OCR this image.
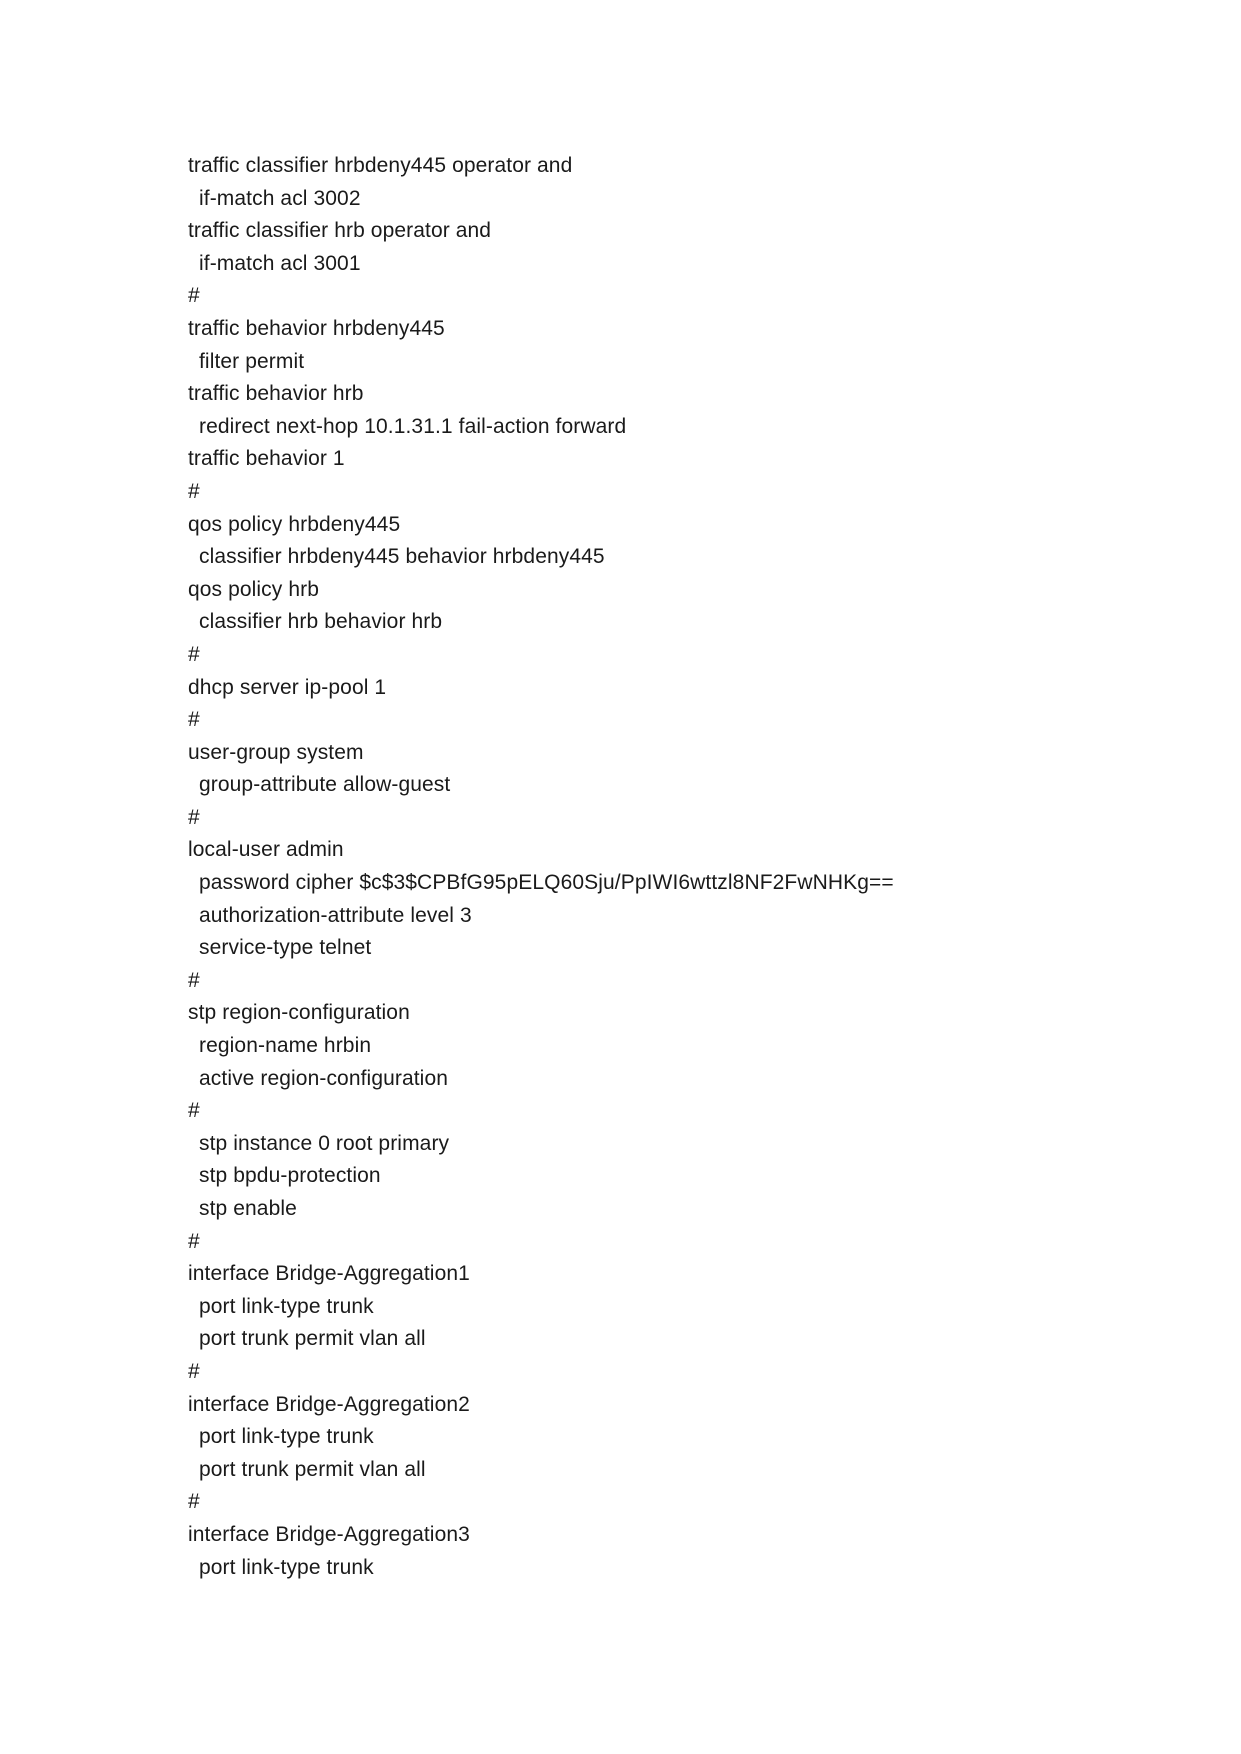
traffic classifier hrbdeny445 operator and
if-match acl 3002
traffic classifier hrb operator and
if-match acl 3001
#
traffic behavior hrbdeny445
filter permit
traffic behavior hrb
redirect next-hop 10.1.31.1 fail-action forward
traffic behavior 1
#
qos policy hrbdeny445
classifier hrbdeny445 behavior hrbdeny445
qos policy hrb
classifier hrb behavior hrb
#
dhcp server ip-pool 1
#
user-group system
group-attribute allow-guest
#
local-user admin
password cipher $c$3$CPBfG95pELQ60Sju/PpIWI6wttzl8NF2FwNHKg==
authorization-attribute level 3
service-type telnet
#
stp region-configuration
region-name hrbin
active region-configuration
#
stp instance 0 root primary
stp bpdu-protection
stp enable
#
interface Bridge-Aggregation1
port link-type trunk
port trunk permit vlan all
#
interface Bridge-Aggregation2
port link-type trunk
port trunk permit vlan all
#
interface Bridge-Aggregation3
port link-type trunk
